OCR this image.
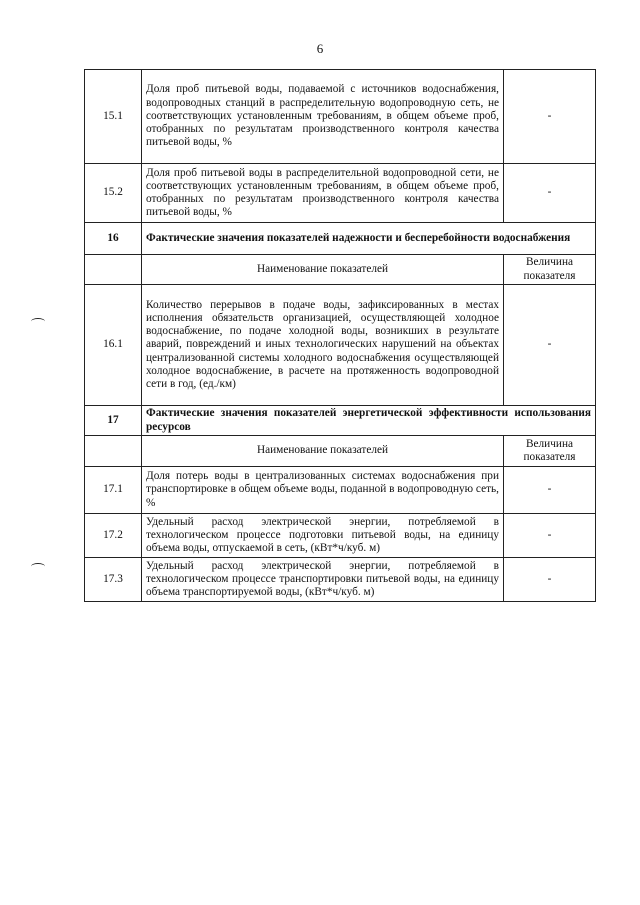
6
15.1	Доля проб питьевой воды, подаваемой с источников водоснабжения, водопроводных станций в распределительную водопроводную сеть, не соответствующих установленным требованиям, в общем объеме проб, отобранных по результатам производственного контроля качества питьевой воды, %	-
15.2	Доля проб питьевой воды в распределительной водопроводной сети, не соответствующих установленным требованиям, в общем объеме проб, отобранных по результатам производственного контроля качества питьевой воды, %	-
16	Фактические значения показателей надежности и бесперебойности водоснабжения	
	Наименование показателей	Величина показателя
16.1	Количество перерывов в подаче воды, зафиксированных в местах исполнения обязательств организацией, осуществляющей холодное водоснабжение, по подаче холодной воды, возникших в результате аварий, повреждений и иных технологических нарушений на объектах централизованной системы холодного водоснабжения осуществляющей холодное водоснабжение, в расчете на протяженность водопроводной сети в год, (ед./км)	-
17	Фактические значения показателей энергетической эффективности использования ресурсов	
	Наименование показателей	Величина показателя
17.1	Доля потерь воды в централизованных системах водоснабжения при транспортировке в общем объеме воды, поданной в водопроводную сеть, %	-
17.2	Удельный расход электрической энергии, потребляемой в технологическом процессе подготовки питьевой воды, на единицу объема воды, отпускаемой в сеть, (кВт*ч/куб. м)	-
17.3	Удельный расход электрической энергии, потребляемой в технологическом процессе транспортировки питьевой воды, на единицу объема транспортируемой воды, (кВт*ч/куб. м)	-
